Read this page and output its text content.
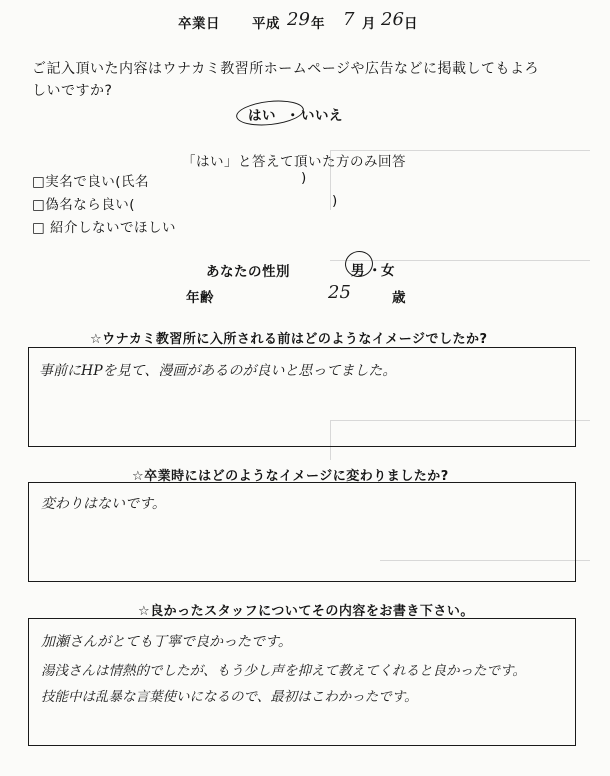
卒業日 平成 29 年 7 月 26 日
ご記入頂いた内容はウナカミ教習所ホームページや広告などに掲載してもよろ
しいですか?
はい ・ いいえ
「はい」と答えて頂いた方のみ回答
□実名で良い(氏名	)
□偽名なら良い(	)
□ 紹介しないでほしい
あなたの性別	男 ・ 女
年齢	25	歳
☆ウナカミ教習所に入所される前はどのようなイメージでしたか?
事前にHPを見て、漫画があるのが良いと思ってました。
☆卒業時にはどのようなイメージに変わりましたか?
変わりはないです。
☆良かったスタッフについてその内容をお書き下さい。
加瀬さんがとても丁寧で良かったです。
湯浅さんは情熱的でしたが、もう少し声を抑えて教えてくれると良かったです。
技能中は乱暴な言葉使いになるので、最初はこわかったです。
